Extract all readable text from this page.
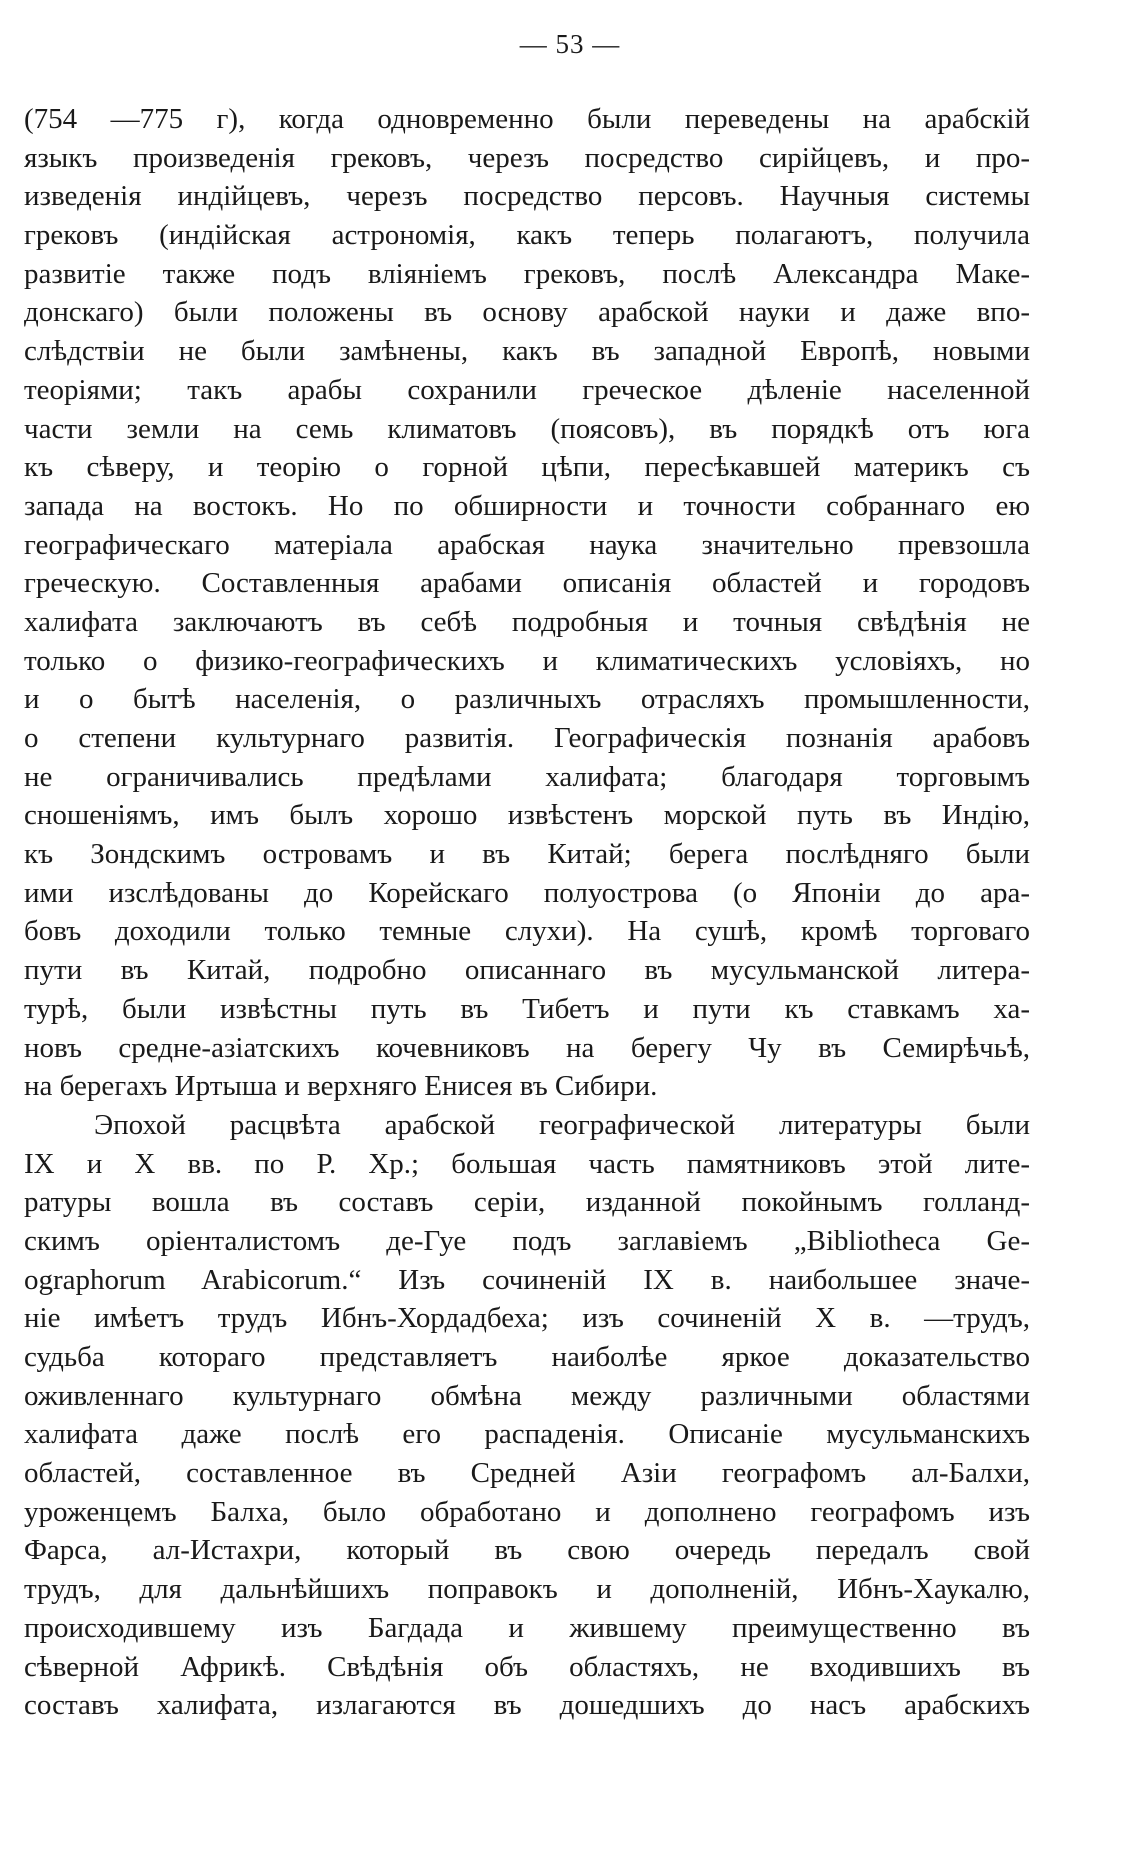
— 53 —
(754 —775 г), когда одновременно были переведены на арабскій
языкъ произведенія грековъ, черезъ посредство сирійцевъ, и про-
изведенія индійцевъ, черезъ посредство персовъ. Научныя системы
грековъ (индійская астрономія, какъ теперь полагаютъ, получила
развитіе также подъ вліяніемъ грековъ, послѣ Александра Маке-
донскаго) были положены въ основу арабской науки и даже впо-
слѣдствіи не были замѣнены, какъ въ западной Европѣ, новыми
теоріями; такъ арабы сохранили греческое дѣленіе населенной
части земли на семь климатовъ (поясовъ), въ порядкѣ отъ юга
къ сѣверу, и теорію о горной цѣпи, пересѣкавшей материкъ съ
запада на востокъ. Но по обширности и точности собраннаго ею
географическаго матеріала арабская наука значительно превзошла
греческую. Составленныя арабами описанія областей и городовъ
халифата заключаютъ въ себѣ подробныя и точныя свѣдѣнія не
только о физико-географическихъ и климатическихъ условіяхъ, но
и о бытѣ населенія, о различныхъ отрасляхъ промышленности,
о степени культурнаго развитія. Географическія познанія арабовъ
не ограничивались предѣлами халифата; благодаря торговымъ
сношеніямъ, имъ былъ хорошо извѣстенъ морской путь въ Индію,
къ Зондскимъ островамъ и въ Китай; берега послѣдняго были
ими изслѣдованы до Корейскаго полуострова (о Японіи до ара-
бовъ доходили только темные слухи). На сушѣ, кромѣ торговаго
пути въ Китай, подробно описаннаго въ мусульманской литера-
турѣ, были извѣстны путь въ Тибетъ и пути къ ставкамъ ха-
новъ средне-азіатскихъ кочевниковъ на берегу Чу въ Семирѣчьѣ,
на берегахъ Иртыша и верхняго Енисея въ Сибири.
Эпохой расцвѣта арабской географической литературы были
IX и X вв. по Р. Хр.; большая часть памятниковъ этой лите-
ратуры вошла въ составъ серіи, изданной покойнымъ голланд-
скимъ оріенталистомъ де-Гуе подъ заглавіемъ „Bibliotheca Ge-
ographorum Arabicorum.“ Изъ сочиненій IX в. наибольшее значе-
ніе имѣетъ трудъ Ибнъ-Хордадбеха; изъ сочиненій X в. —трудъ,
судьба котораго представляетъ наиболѣе яркое доказательство
оживленнаго культурнаго обмѣна между различными областями
халифата даже послѣ его распаденія. Описаніе мусульманскихъ
областей, составленное въ Средней Азіи географомъ ал-Балхи,
уроженцемъ Балха, было обработано и дополнено географомъ изъ
Фарса, ал-Истахри, который въ свою очередь передалъ свой
трудъ, для дальнѣйшихъ поправокъ и дополненій, Ибнъ-Хаукалю,
происходившему изъ Багдада и жившему преимущественно въ
сѣверной Африкѣ. Свѣдѣнія объ областяхъ, не входившихъ въ
составъ халифата, излагаются въ дошедшихъ до насъ арабскихъ
